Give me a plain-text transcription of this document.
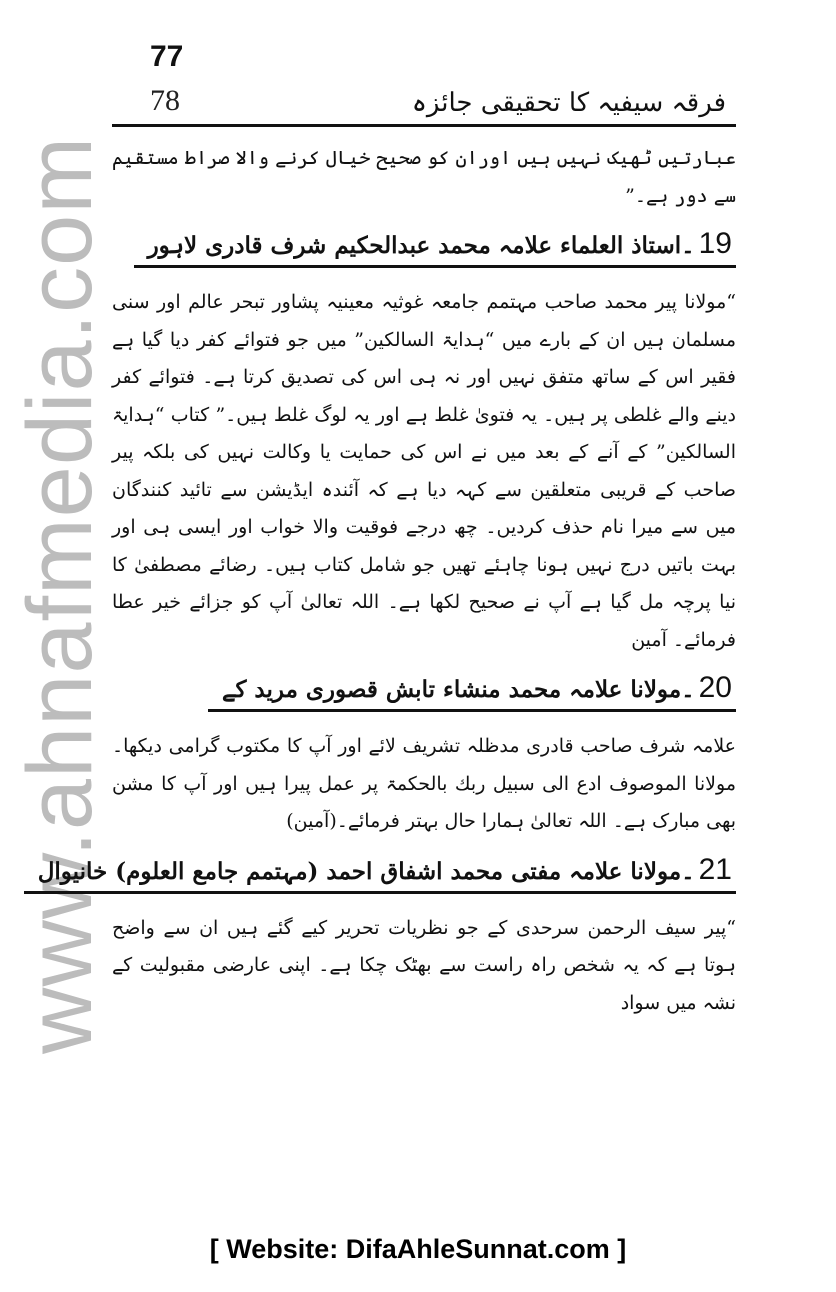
www.ahnafmedia.com
77
78	فرقہ سیفیہ کا تحقیقی جائزہ

عبارتیں ٹھیک نہیں ہیں اوران کو صحیح خیال کرنے والا صراط مستقیم سے دور ہے۔”

19
۔استاذ العلماء علامہ محمد عبدالحکیم شرف قادری لاہور

“مولانا پیر محمد صاحب مہتمم جامعہ غوثیہ معینیہ پشاور تبحر عالم اور سنی مسلمان ہیں ان کے بارے میں “ہدایۃ السالکین” میں جو فتوائے کفر دیا گیا ہے فقیر اس کے ساتھ متفق نہیں اور نہ ہی اس کی تصدیق کرتا ہے۔ فتوائے کفر دینے والے غلطی پر ہیں۔ یہ فتویٰ غلط ہے اور یہ لوگ غلط ہیں۔” کتاب “ہدایۃ السالکین” کے آنے کے بعد میں نے اس کی حمایت یا وکالت نہیں کی بلکہ پیر صاحب کے قریبی متعلقین سے کہہ دیا ہے کہ آئندہ ایڈیشن سے تائید کنندگان میں سے میرا نام حذف کردیں۔ چھ درجے فوقیت والا خواب اور ایسی ہی اور بہت باتیں درج نہیں ہونا چاہئے تھیں جو شامل کتاب ہیں۔ رضائے مصطفیٰ کا نیا پرچہ مل گیا ہے آپ نے صحیح لکھا ہے۔ اللہ تعالیٰ آپ کو جزائے خیر عطا فرمائے۔ آمین

20
۔مولانا علامہ محمد منشاء تابش قصوری مرید کے

علامہ شرف صاحب قادری مدظلہ تشریف لائے اور آپ کا مکتوب گرامی دیکھا۔ مولانا الموصوف ادع الی سبیل ربك بالحکمۃ پر عمل پیرا ہیں اور آپ کا مشن بھی مبارک ہے۔ اللہ تعالیٰ ہمارا حال بہتر فرمائے۔(آمین)

21
۔مولانا علامہ مفتی محمد اشفاق احمد (مہتمم جامع العلوم) خانیوال

“پیر سیف الرحمن سرحدی کے جو نظریات تحریر کیے گئے ہیں ان سے واضح ہوتا ہے کہ یہ شخص راہ راست سے بھٹک چکا ہے۔ اپنی عارضی مقبولیت کے نشہ میں سواد

[ Website: DifaAhleSunnat.com ]
